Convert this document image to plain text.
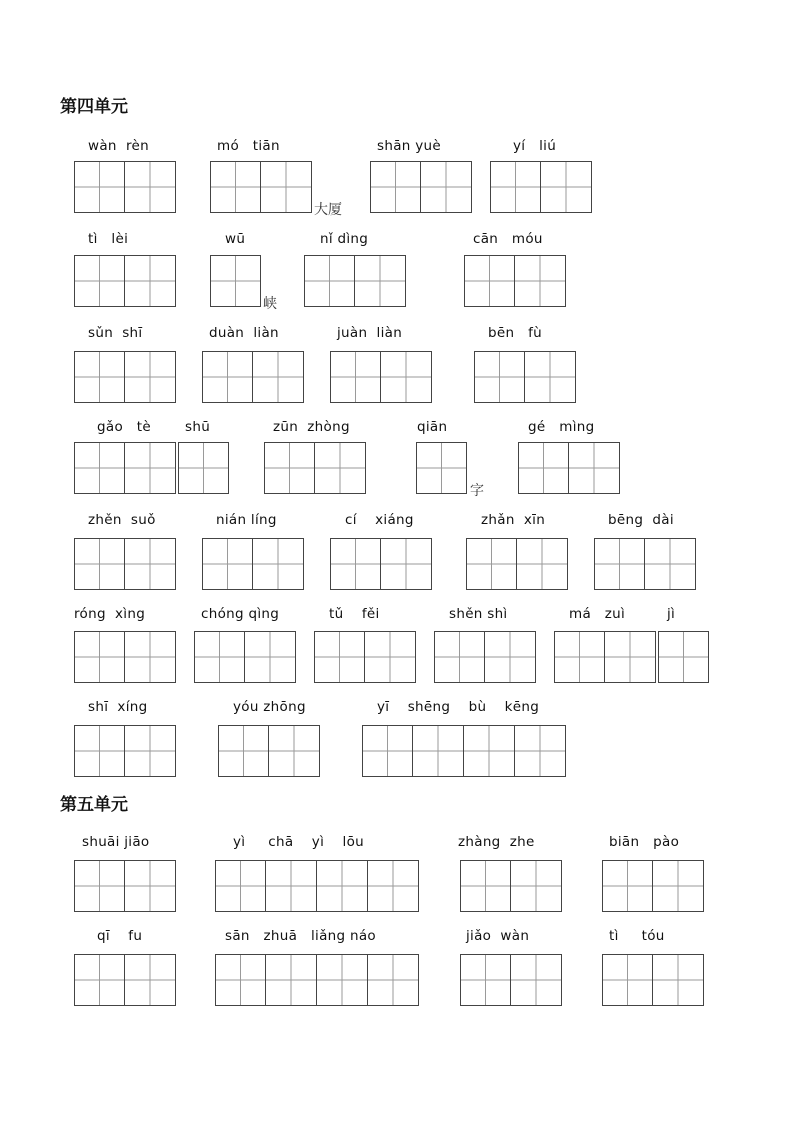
第四单元
第五单元
wàn  rèn	mó   tiān
大厦
shān yuè	yí   liú
tì   lèi	wū
峡
nǐ dìng	cān   móu
sǔn  shī	duàn  liàn	juàn  liàn	bēn   fù
gǎo   tè	shū	zūn  zhòng	qiān
字
gé   mìng
zhěn  suǒ	nián líng	cí    xiáng	zhǎn  xīn	bēng  dài
róng  xìng	chóng qìng	tǔ    fěi	shěn shì	má   zuì	jì
shī  xíng	yóu zhōng	yī    shēng    bù    kēng
shuāi jiāo	yì     chā    yì    lōu	zhàng  zhe	biān   pào
qī    fu	sān   zhuā   liǎng náo	jiǎo  wàn	tì     tóu
